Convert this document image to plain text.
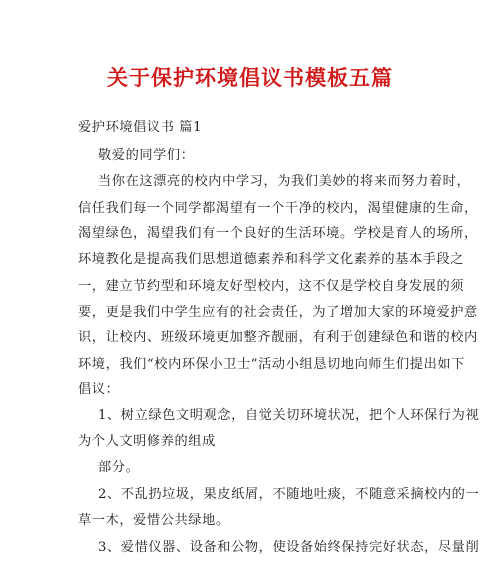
关于保护环境倡议书模板五篇
爱护环境倡议书 篇1
敬爱的同学们：
当你在这漂亮的校内中学习，为我们美妙的将来而努力着时，
信任我们每一个同学都渴望有一个干净的校内，渴望健康的生命，
渴望绿色，渴望我们有一个良好的生活环境。学校是育人的场所，
环境教化是提高我们思想道德素养和科学文化素养的基本手段之
一，建立节约型和环境友好型校内，这不仅是学校自身发展的须
要，更是我们中学生应有的社会责任，为了增加大家的环境爱护意
识，让校内、班级环境更加整齐靓丽，有利于创建绿色和谐的校内
环境，我们“校内环保小卫士”活动小组恳切地向师生们提出如下
倡议：
1、树立绿色文明观念，自觉关切环境状况，把个人环保行为视
为个人文明修养的组成
部分。
2、不乱扔垃圾，果皮纸屑，不随地吐痰，不随意采摘校内的一
草一木，爱惜公共绿地。
3、爱惜仪器、设备和公物，使设备始终保持完好状态，尽量削
